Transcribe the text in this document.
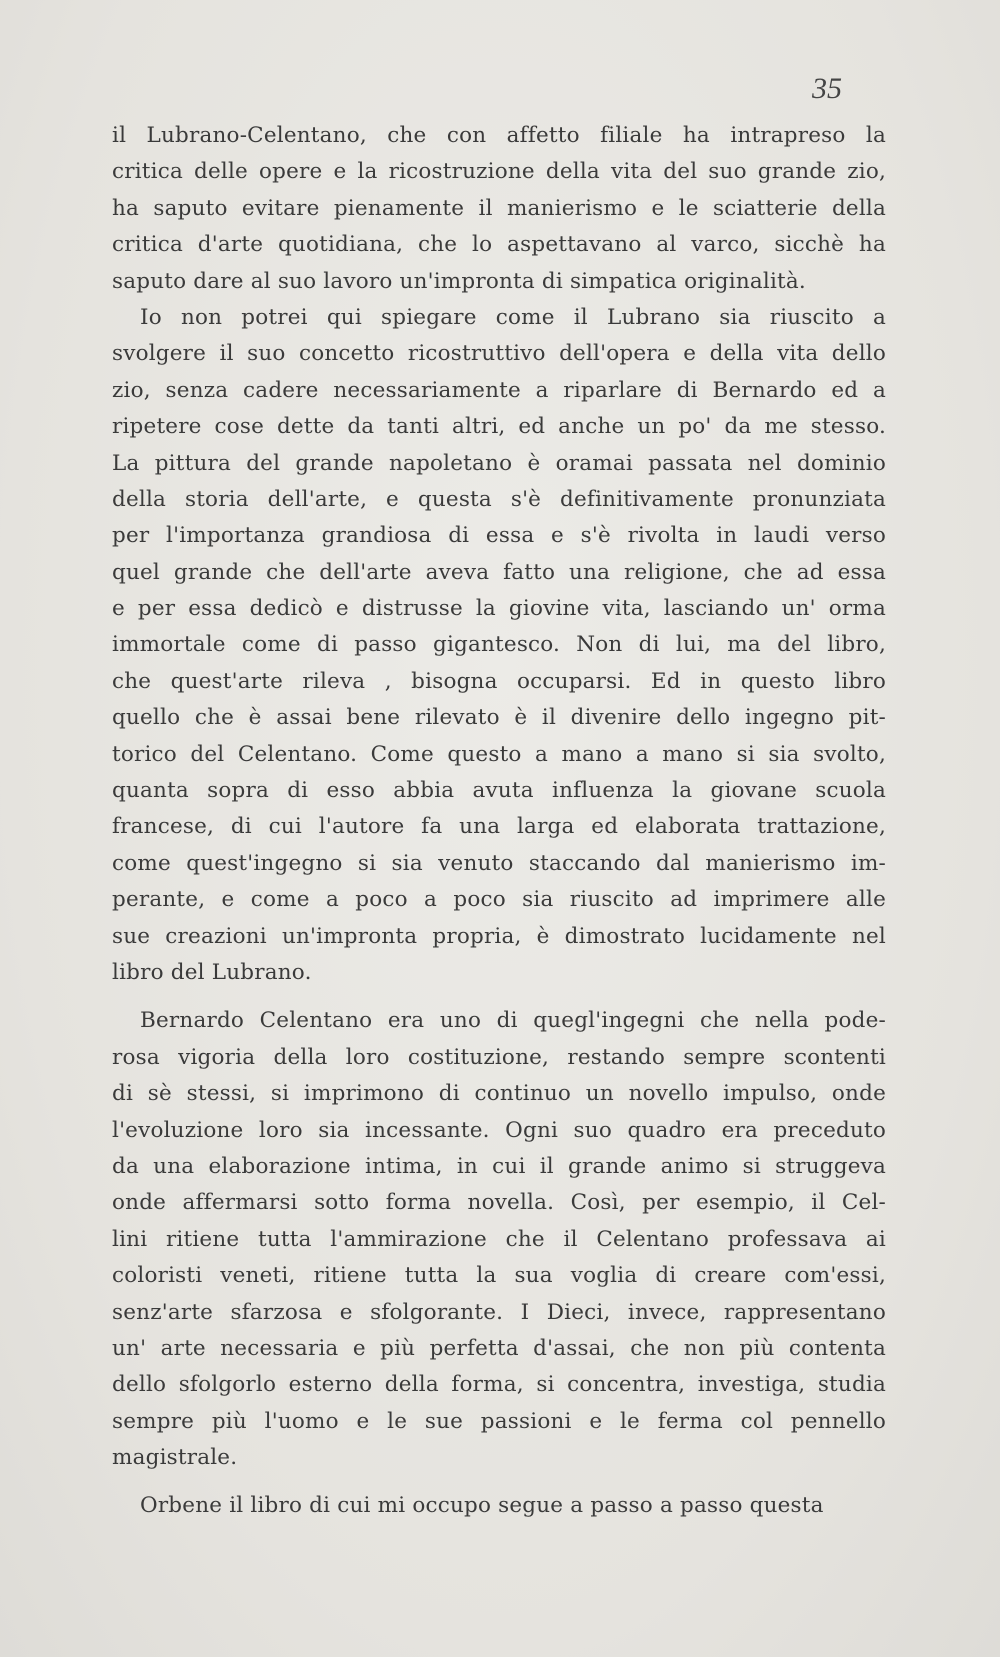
35
il Lubrano-Celentano, che con affetto filiale ha intrapreso la
critica delle opere e la ricostruzione della vita del suo grande zio,
ha saputo evitare pienamente il manierismo e le sciatterie della
critica d'arte quotidiana, che lo aspettavano al varco, sicchè ha
saputo dare al suo lavoro un'impronta di simpatica originalità.
Io non potrei qui spiegare come il Lubrano sia riuscito a
svolgere il suo concetto ricostruttivo dell'opera e della vita dello
zio, senza cadere necessariamente a riparlare di Bernardo ed a
ripetere cose dette da tanti altri, ed anche un po' da me stesso.
La pittura del grande napoletano è oramai passata nel dominio
della storia dell'arte, e questa s'è definitivamente pronunziata
per l'importanza grandiosa di essa e s'è rivolta in laudi verso
quel grande che dell'arte aveva fatto una religione, che ad essa
e per essa dedicò e distrusse la giovine vita, lasciando un' orma
immortale come di passo gigantesco. Non di lui, ma del libro,
che quest'arte rileva , bisogna occuparsi. Ed in questo libro
quello che è assai bene rilevato è il divenire dello ingegno pit-
torico del Celentano. Come questo a mano a mano si sia svolto,
quanta sopra di esso abbia avuta influenza la giovane scuola
francese, di cui l'autore fa una larga ed elaborata trattazione,
come quest'ingegno si sia venuto staccando dal manierismo im-
perante, e come a poco a poco sia riuscito ad imprimere alle
sue creazioni un'impronta propria, è dimostrato lucidamente nel
libro del Lubrano.
Bernardo Celentano era uno di quegl'ingegni che nella pode-
rosa vigoria della loro costituzione, restando sempre scontenti
di sè stessi, si imprimono di continuo un novello impulso, onde
l'evoluzione loro sia incessante. Ogni suo quadro era preceduto
da una elaborazione intima, in cui il grande animo si struggeva
onde affermarsi sotto forma novella. Così, per esempio, il Cel-
lini ritiene tutta l'ammirazione che il Celentano professava ai
coloristi veneti, ritiene tutta la sua voglia di creare com'essi,
senz'arte sfarzosa e sfolgorante. I Dieci, invece, rappresentano
un' arte necessaria e più perfetta d'assai, che non più contenta
dello sfolgorlo esterno della forma, si concentra, investiga, studia
sempre più l'uomo e le sue passioni e le ferma col pennello
magistrale.
Orbene il libro di cui mi occupo segue a passo a passo questa
